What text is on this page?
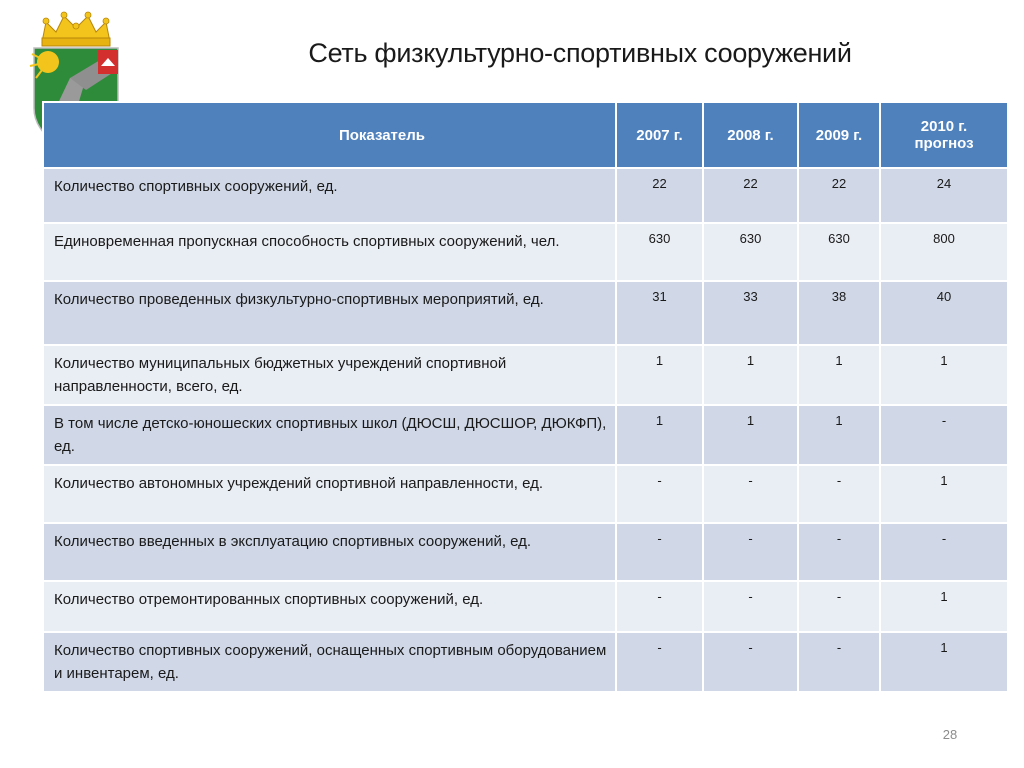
Сеть физкультурно-спортивных сооружений
Показатель	2007 г.	2008 г.	2009 г.	2010 г.
прогноз

Количество спортивных сооружений, ед.	22	22	22	24
Единовременная пропускная способность спортивных сооружений, чел.	630	630	630	800
Количество проведенных физкультурно-спортивных мероприятий, ед.	31	33	38	40
Количество муниципальных бюджетных учреждений спортивной направленности, всего, ед.	1	1	1	1
В том числе детско-юношеских спортивных школ (ДЮСШ, ДЮСШОР, ДЮКФП), ед.	1	1	1	-
Количество автономных учреждений спортивной направленности, ед.	-	-	-	1
Количество введенных в эксплуатацию спортивных сооружений, ед.	-	-	-	-
Количество отремонтированных спортивных сооружений, ед.	-	-	-	1
Количество спортивных сооружений, оснащенных спортивным оборудованием и инвентарем, ед.	-	-	-	1
28
